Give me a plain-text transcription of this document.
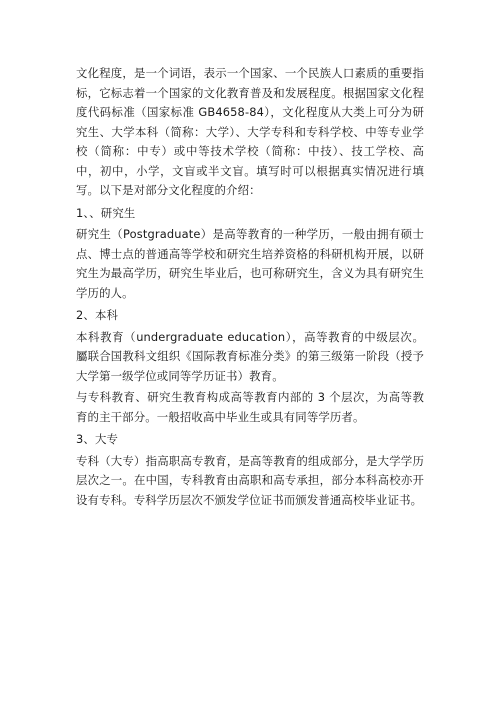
文化程度，是一个词语，表示一个国家、一个民族人口素质的重要指标，它标志着一个国家的文化教育普及和发展程度。根据国家文化程度代码标准（国家标准 GB4658-84），文化程度从大类上可分为研究生、大学本科（简称：大学）、大学专科和专科学校、中等专业学校（简称：中专）或中等技术学校（简称：中技）、技工学校、高中，初中，小学，文盲或半文盲。填写时可以根据真实情况进行填写。以下是对部分文化程度的介绍：

1、、研究生

研究生（Postgraduate）是高等教育的一种学历，一般由拥有硕士点、博士点的普通高等学校和研究生培养资格的科研机构开展，以研究生为最高学历，研究生毕业后，也可称研究生，含义为具有研究生学历的人。

2、本科

本科教育（undergraduate education），高等教育的中级层次。屬联合国教科文组织《国际教育标准分类》的第三级第一阶段（授予大学第一级学位或同等学历证书）教育。

与专科教育、研究生教育构成高等教育内部的 3 个层次，为高等教育的主干部分。一般招收高中毕业生或具有同等学历者。

3、大专

专科（大专）指高职高专教育，是高等教育的组成部分，是大学学历层次之一。在中国，专科教育由高职和高专承担，部分本科高校亦开设有专科。专科学历层次不颁发学位证书而颁发普通高校毕业证书。
